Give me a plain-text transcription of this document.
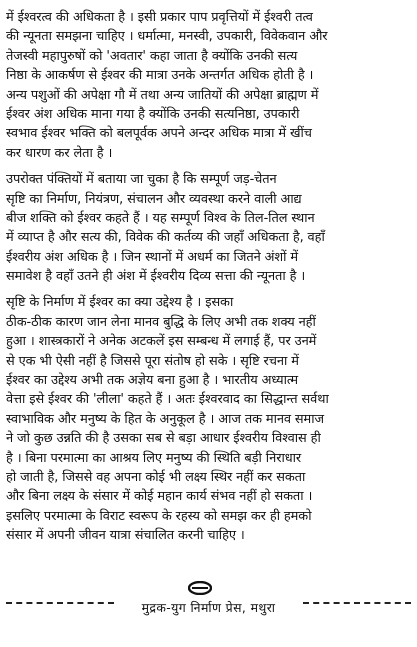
में ईश्वरत्व की अधिकता है । इसी प्रकार पाप प्रवृत्तियों में ईश्वरी तत्व
की न्यूनता समझना चाहिए । धर्मात्मा, मनस्वी, उपकारी, विवेकवान और
तेजस्वी महापुरुषों को 'अवतार' कहा जाता है क्योंकि उनकी सत्य
निष्ठा के आकर्षण से ईश्वर की मात्रा उनके अन्तर्गत अधिक होती है ।
अन्य पशुओं की अपेक्षा गौ में तथा अन्य जातियों की अपेक्षा ब्राह्मण में
ईश्वर अंश अधिक माना गया है क्योंकि उनकी सत्यनिष्ठा, उपकारी
स्वभाव ईश्वर भक्ति को बलपूर्वक अपने अन्दर अधिक मात्रा में खींच
कर धारण कर लेता है ।
उपरोक्त पंक्तियों में बताया जा चुका है कि सम्पूर्ण जड़-चेतन
सृष्टि का निर्माण, नियंत्रण, संचालन और व्यवस्था करने वाली आद्य
बीज शक्ति को ईश्वर कहते हैं । यह सम्पूर्ण विश्व के तिल-तिल स्थान
में व्याप्त है और सत्य की, विवेक की कर्तव्य की जहाँ अधिकता है, वहाँ
ईश्वरीय अंश अधिक है । जिन स्थानों में अधर्म का जितने अंशों में
समावेश है वहाँ उतने ही अंश में ईश्वरीय दिव्य सत्ता की न्यूनता है ।
सृष्टि के निर्माण में ईश्वर का क्या उद्देश्य है । इसका
ठीक-ठीक कारण जान लेना मानव बुद्धि के लिए अभी तक शक्य नहीं
हुआ । शास्त्रकारों ने अनेक अटकलें इस सम्बन्ध में लगाई हैं, पर उनमें
से एक भी ऐसी नहीं है जिससे पूरा संतोष हो सके । सृष्टि रचना में
ईश्वर का उद्देश्य अभी तक अज्ञेय बना हुआ है । भारतीय अध्यात्म
वेत्ता इसे ईश्वर की 'लीला' कहते हैं । अतः ईश्वरवाद का सिद्धान्त सर्वथा
स्वाभाविक और मनुष्य के हित के अनुकूल है । आज तक मानव समाज
ने जो कुछ उन्नति की है उसका सब से बड़ा आधार ईश्वरीय विश्वास ही
है । बिना परमात्मा का आश्रय लिए मनुष्य की स्थिति बड़ी निराधार
हो जाती है, जिससे वह अपना कोई भी लक्ष्य स्थिर नहीं कर सकता
और बिना लक्ष्य के संसार में कोई महान कार्य संभव नहीं हो सकता ।
इसलिए परमात्मा के विराट स्वरूप के रहस्य को समझ कर ही हमको
संसार में अपनी जीवन यात्रा संचालित करनी चाहिए ।
मुद्रक-युग निर्माण प्रेस, मथुरा
